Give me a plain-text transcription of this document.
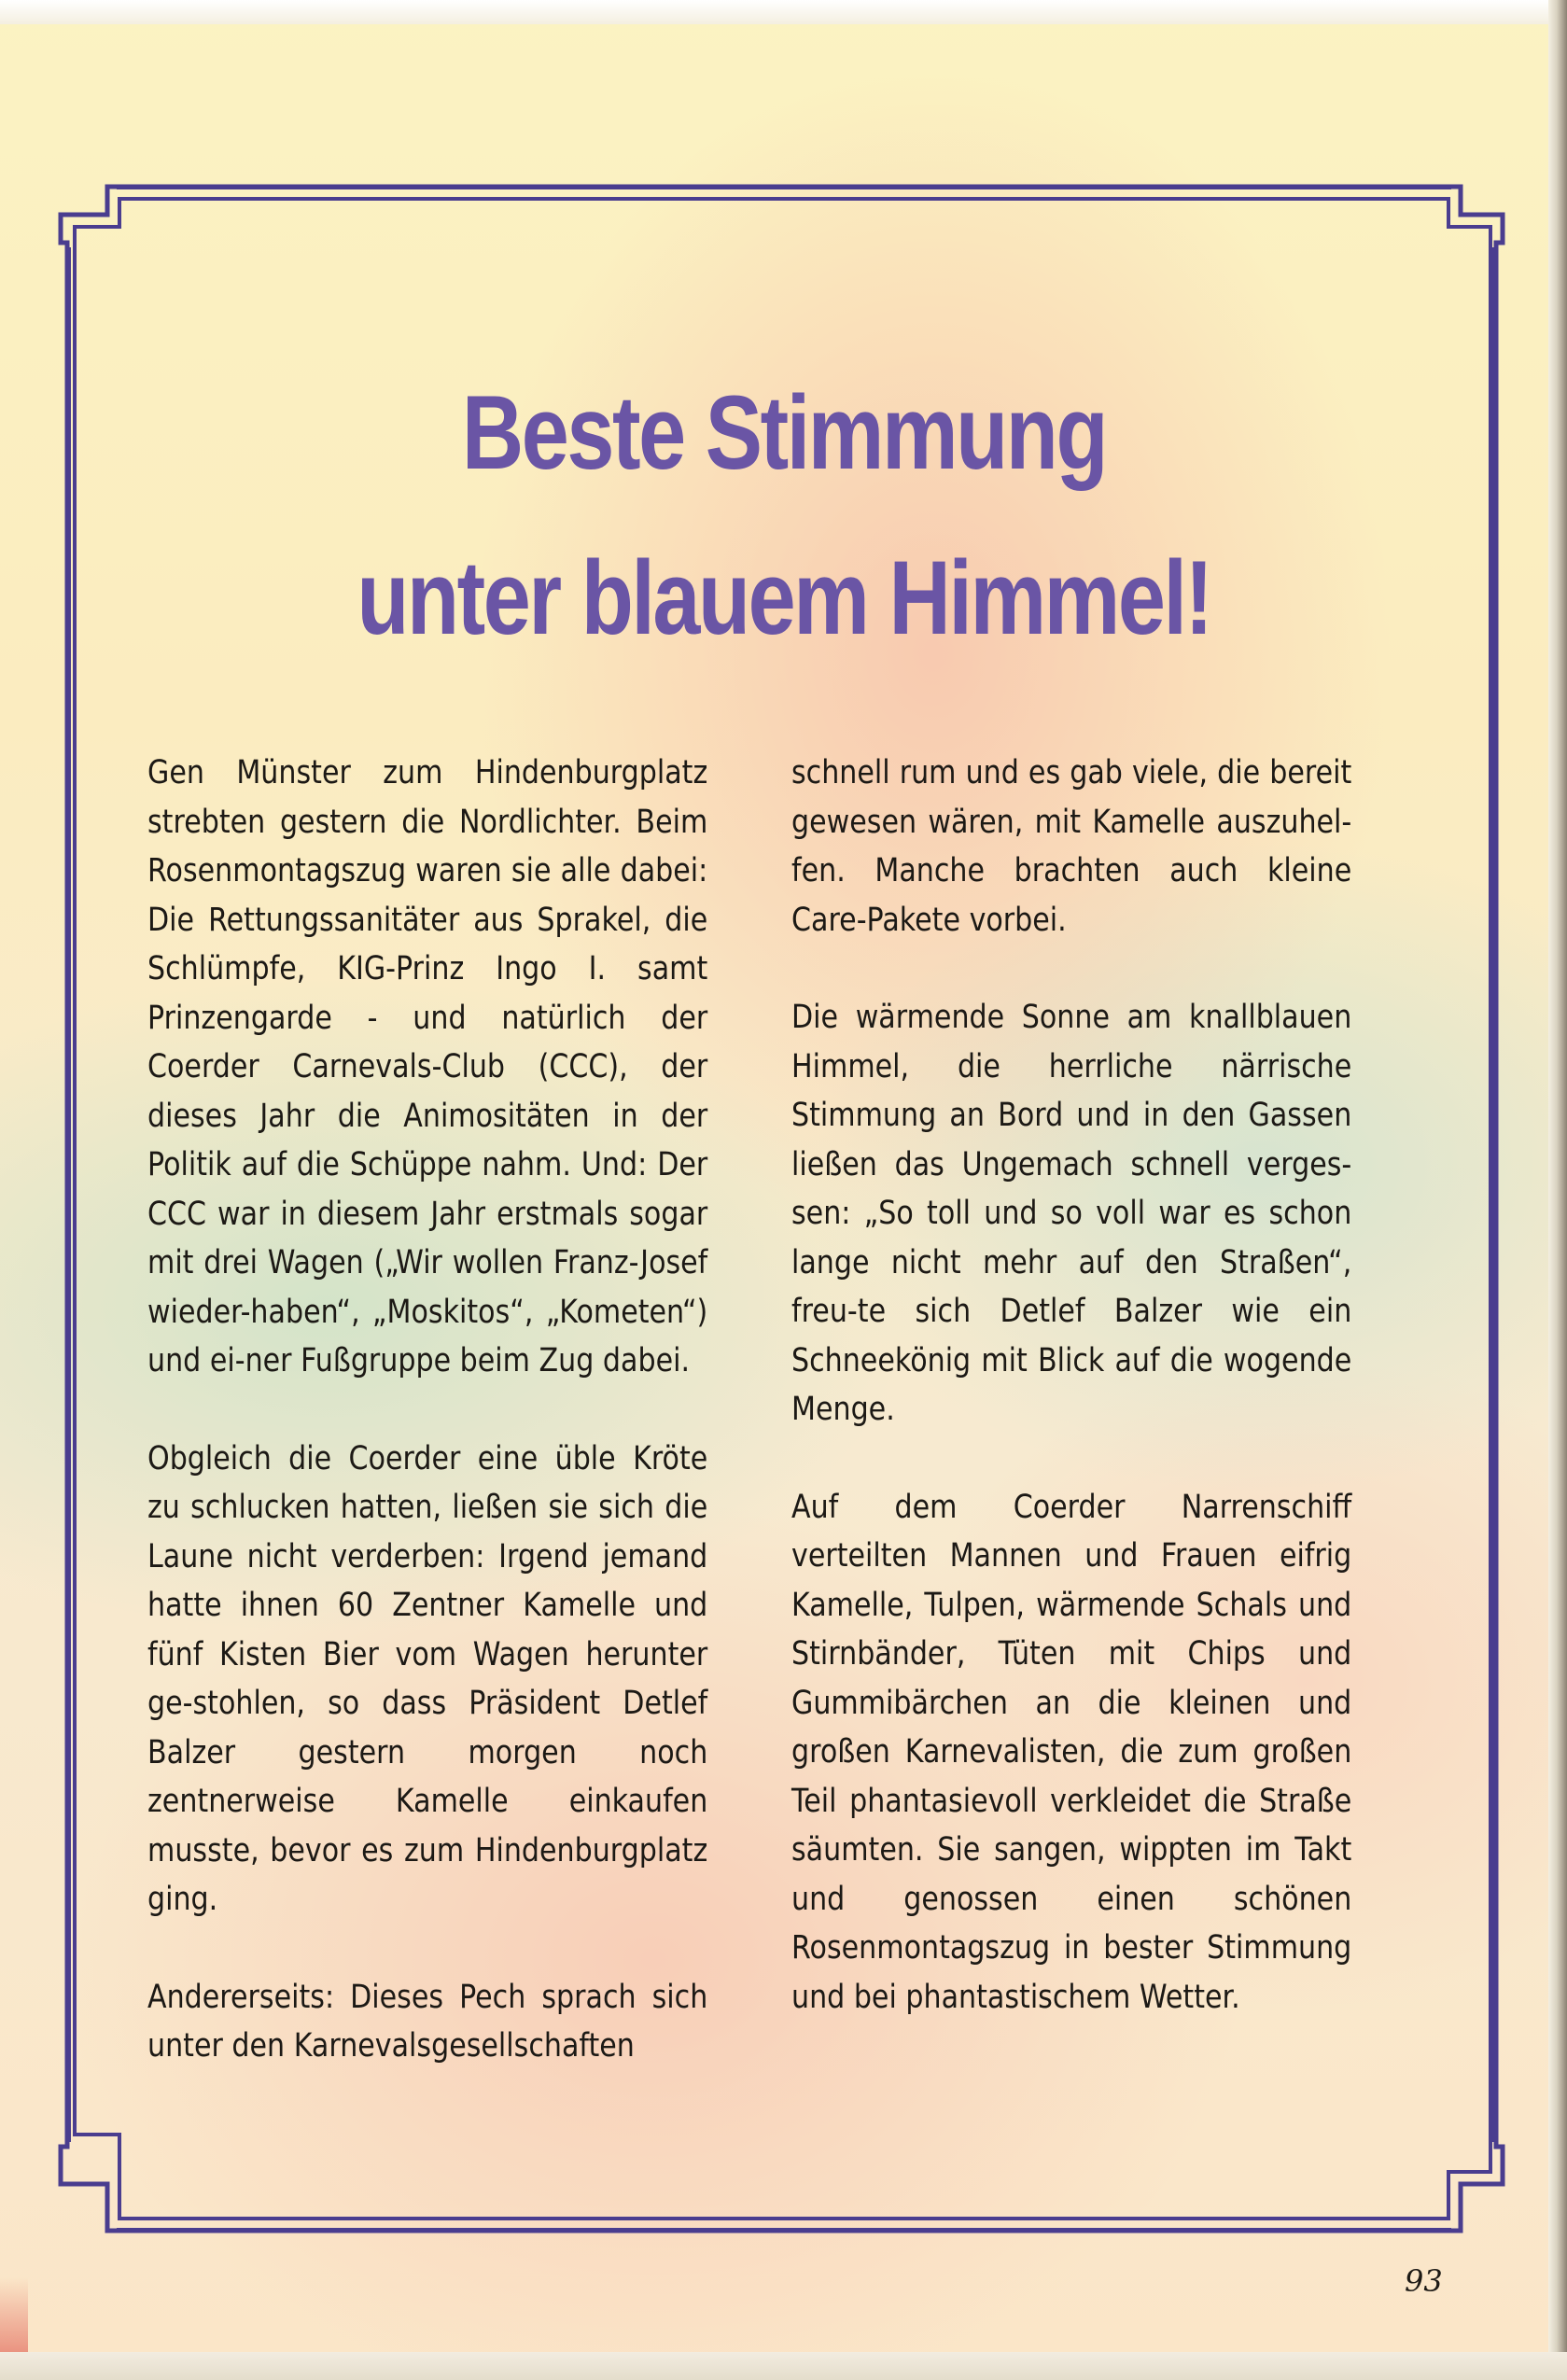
Beste Stimmung
unter blauem Himmel!

Gen Münster zum Hindenburgplatz strebten gestern die Nordlichter. Beim Rosenmontagszug waren sie alle dabei: Die Rettungssanitäter aus Sprakel, die Schlümpfe, KIG-Prinz Ingo I. samt Prinzengarde - und natürlich der Coerder Carnevals-Club (CCC), der dieses Jahr die Animositäten in der Politik auf die Schüppe nahm. Und: Der CCC war in diesem Jahr erstmals sogar mit drei Wagen („Wir wollen Franz-Josef wieder-haben“, „Moskitos“, „Kometen“) und ei-ner Fußgruppe beim Zug dabei.

Obgleich die Coerder eine üble Kröte zu schlucken hatten, ließen sie sich die Laune nicht verderben: Irgend jemand hatte ihnen 60 Zentner Kamelle und fünf Kisten Bier vom Wagen herunter ge-stohlen, so dass Präsident Detlef Balzer gestern morgen noch zentnerweise Kamelle einkaufen musste, bevor es zum Hindenburgplatz ging.

Andererseits: Dieses Pech sprach sich unter den Karnevalsgesellschaften

schnell rum und es gab viele, die bereit gewesen wären, mit Kamelle auszuhel-fen. Manche brachten auch kleine Care-Pakete vorbei.

Die wärmende Sonne am knallblauen Himmel, die herrliche närrische Stimmung an Bord und in den Gassen ließen das Ungemach schnell verges-sen: „So toll und so voll war es schon lange nicht mehr auf den Straßen“, freu-te sich Detlef Balzer wie ein Schneekönig mit Blick auf die wogende Menge.

Auf dem Coerder Narrenschiff verteilten Mannen und Frauen eifrig Kamelle, Tulpen, wärmende Schals und Stirnbänder, Tüten mit Chips und Gummibärchen an die kleinen und großen Karnevalisten, die zum großen Teil phantasievoll verkleidet die Straße säumten. Sie sangen, wippten im Takt und genossen einen schönen Rosenmontagszug in bester Stimmung und bei phantastischem Wetter.

93
